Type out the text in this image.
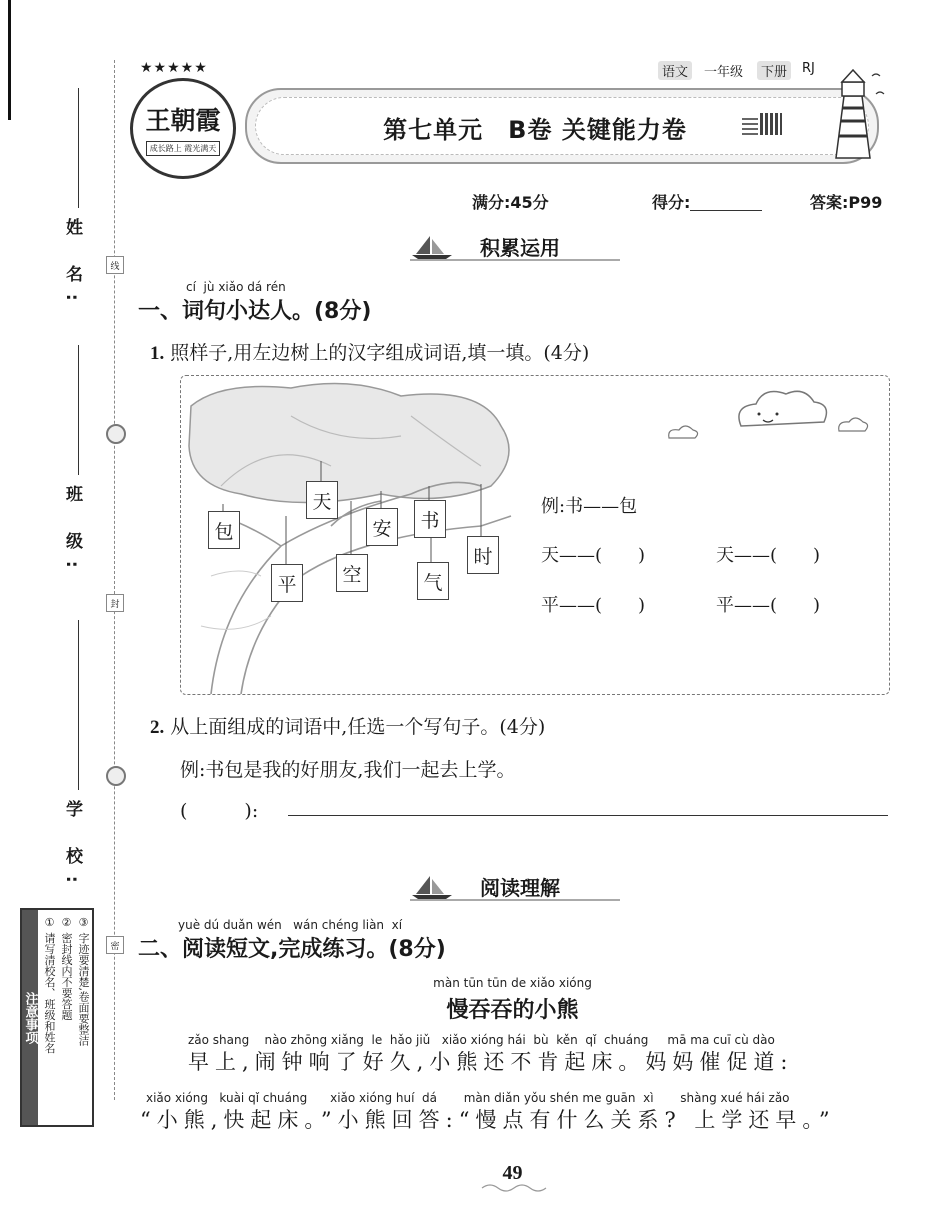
姓 名:
班 级:
学 校:
线
封
密
注意事项 ① 请写清校名、班级和姓名 ② 密封线内不要答题 ③ 字迹要清楚,卷面要整洁
★★★★★
王朝霞
成长路上 霞光满天
语文	一年级	下册	RJ
第七单元　B卷 关键能力卷
满分:45分	得分:	答案:P99
积累运用
cí  jù xiǎo dá rén
一、词句小达人。(8分)
1. 照样子,用左边树上的汉字组成词语,填一填。(4分)
包
天
安	书
时
平	空	气
例:书——包
天——(　　)	天——(　　)
平——(　　)	平——(　　)
2. 从上面组成的词语中,任选一个写句子。(4分)
例:书包是我的好朋友,我们一起去上学。
(　　　):
阅读理解
yuè dú duǎn wén   wán chéng liàn  xí
二、阅读短文,完成练习。(8分)
màn tūn tūn de xiǎo xióng
慢吞吞的小熊
zǎo shang    nào zhōng xiǎng  le  hǎo jiǔ   xiǎo xióng hái  bù  kěn  qǐ  chuáng     mā ma cuī cù dào
早上,闹钟响了好久,小熊还不肯起床。妈妈催促道:
xiǎo xióng   kuài qǐ chuáng      xiǎo xióng huí  dá       màn diǎn yǒu shén me guān  xì       shàng xué hái zǎo
“小熊,快起床。”小熊回答:“慢点有什么关系? 上学还早。”
49
